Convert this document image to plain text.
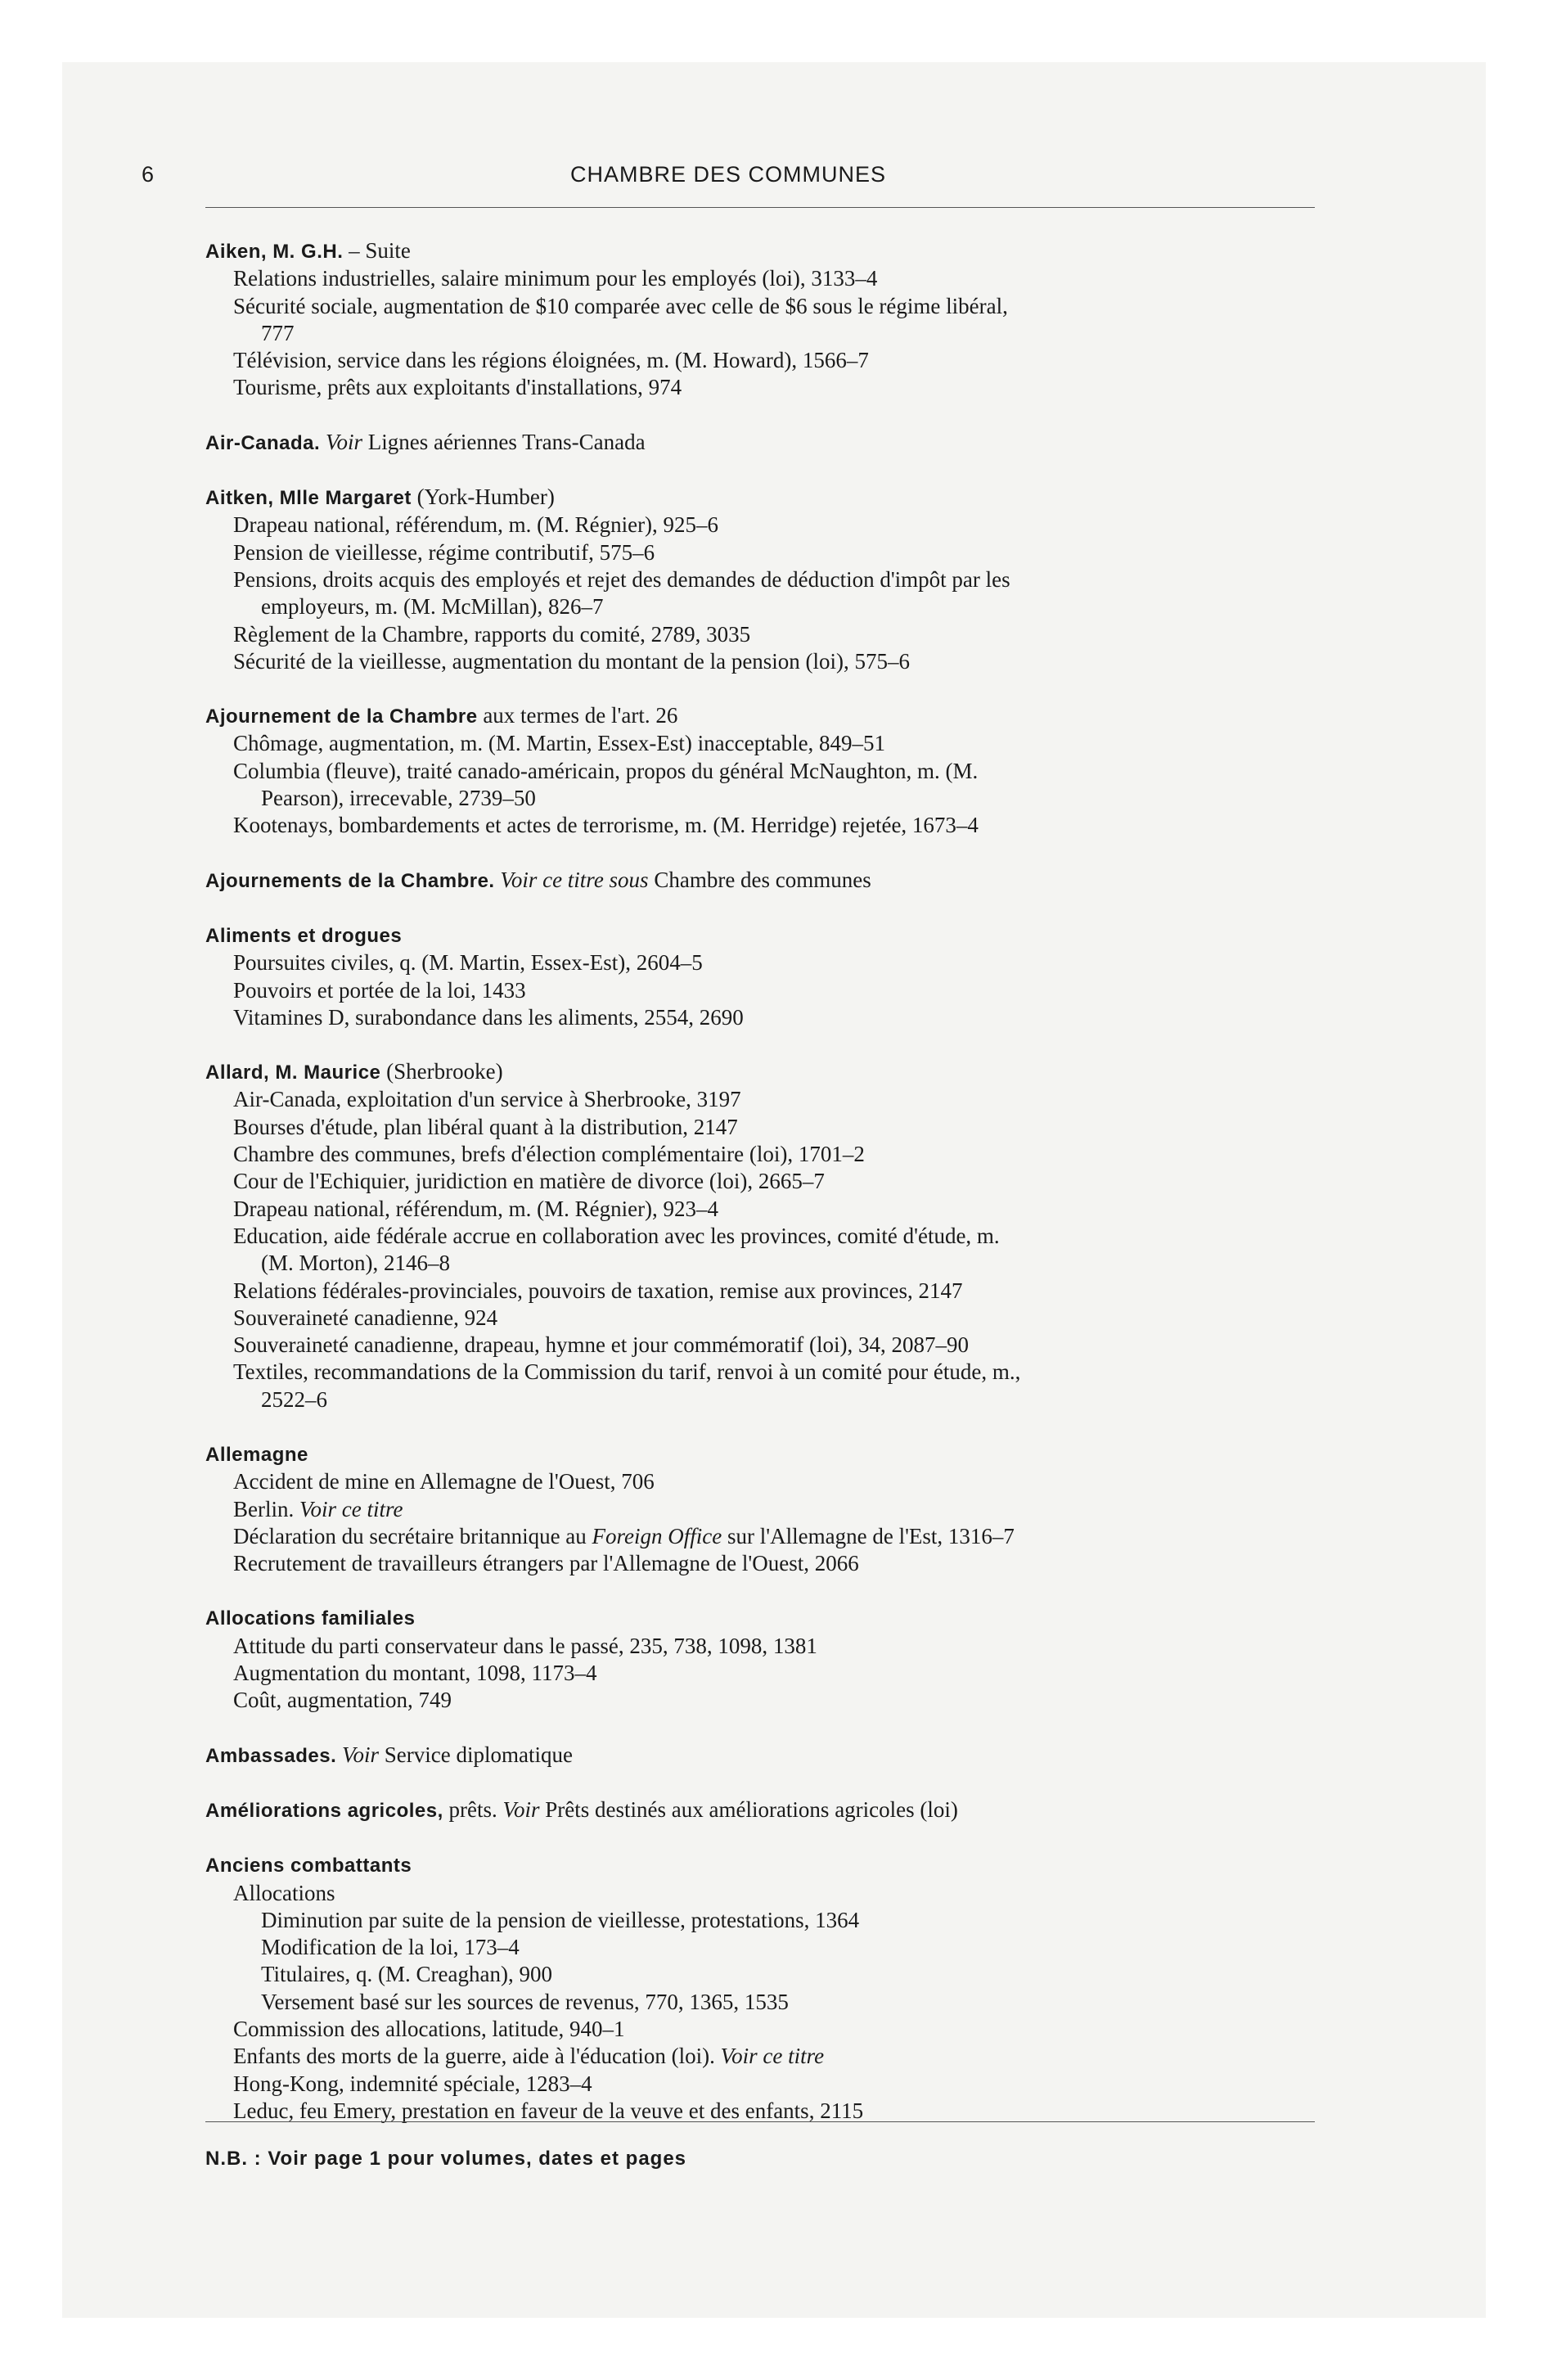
6	CHAMBRE DES COMMUNES
Aiken, M. G.H. – Suite
Relations industrielles, salaire minimum pour les employés (loi), 3133–4
Sécurité sociale, augmentation de $10 comparée avec celle de $6 sous le régime libéral,
777
Télévision, service dans les régions éloignées, m. (M. Howard), 1566–7
Tourisme, prêts aux exploitants d'installations, 974
Air-Canada. Voir Lignes aériennes Trans-Canada
Aitken, Mlle Margaret (York-Humber)
Drapeau national, référendum, m. (M. Régnier), 925–6
Pension de vieillesse, régime contributif, 575–6
Pensions, droits acquis des employés et rejet des demandes de déduction d'impôt par les
employeurs, m. (M. McMillan), 826–7
Règlement de la Chambre, rapports du comité, 2789, 3035
Sécurité de la vieillesse, augmentation du montant de la pension (loi), 575–6
Ajournement de la Chambre aux termes de l'art. 26
Chômage, augmentation, m. (M. Martin, Essex-Est) inacceptable, 849–51
Columbia (fleuve), traité canado-américain, propos du général McNaughton, m. (M.
Pearson), irrecevable, 2739–50
Kootenays, bombardements et actes de terrorisme, m. (M. Herridge) rejetée, 1673–4
Ajournements de la Chambre. Voir ce titre sous Chambre des communes
Aliments et drogues
Poursuites civiles, q. (M. Martin, Essex-Est), 2604–5
Pouvoirs et portée de la loi, 1433
Vitamines D, surabondance dans les aliments, 2554, 2690
Allard, M. Maurice (Sherbrooke)
Air-Canada, exploitation d'un service à Sherbrooke, 3197
Bourses d'étude, plan libéral quant à la distribution, 2147
Chambre des communes, brefs d'élection complémentaire (loi), 1701–2
Cour de l'Echiquier, juridiction en matière de divorce (loi), 2665–7
Drapeau national, référendum, m. (M. Régnier), 923–4
Education, aide fédérale accrue en collaboration avec les provinces, comité d'étude, m.
(M. Morton), 2146–8
Relations fédérales-provinciales, pouvoirs de taxation, remise aux provinces, 2147
Souveraineté canadienne, 924
Souveraineté canadienne, drapeau, hymne et jour commémoratif (loi), 34, 2087–90
Textiles, recommandations de la Commission du tarif, renvoi à un comité pour étude, m.,
2522–6
Allemagne
Accident de mine en Allemagne de l'Ouest, 706
Berlin. Voir ce titre
Déclaration du secrétaire britannique au Foreign Office sur l'Allemagne de l'Est, 1316–7
Recrutement de travailleurs étrangers par l'Allemagne de l'Ouest, 2066
Allocations familiales
Attitude du parti conservateur dans le passé, 235, 738, 1098, 1381
Augmentation du montant, 1098, 1173–4
Coût, augmentation, 749
Ambassades. Voir Service diplomatique
Améliorations agricoles, prêts. Voir Prêts destinés aux améliorations agricoles (loi)
Anciens combattants
Allocations
Diminution par suite de la pension de vieillesse, protestations, 1364
Modification de la loi, 173–4
Titulaires, q. (M. Creaghan), 900
Versement basé sur les sources de revenus, 770, 1365, 1535
Commission des allocations, latitude, 940–1
Enfants des morts de la guerre, aide à l'éducation (loi). Voir ce titre
Hong-Kong, indemnité spéciale, 1283–4
Leduc, feu Emery, prestation en faveur de la veuve et des enfants, 2115
N.B. : Voir page 1 pour volumes, dates et pages
